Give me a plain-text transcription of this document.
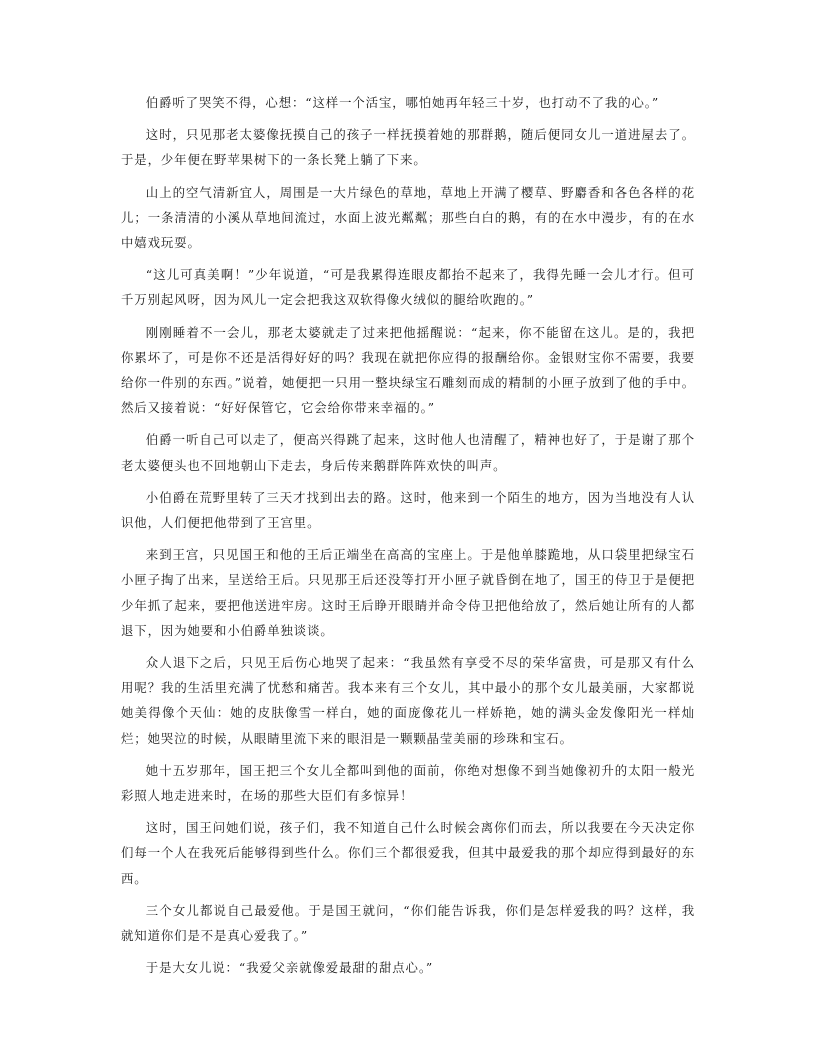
伯爵听了哭笑不得，心想：“这样一个活宝，哪怕她再年轻三十岁，也打动不了我的心。”

这时，只见那老太婆像抚摸自己的孩子一样抚摸着她的那群鹅，随后便同女儿一道进屋去了。于是，少年便在野苹果树下的一条长凳上躺了下来。

山上的空气清新宜人，周围是一大片绿色的草地，草地上开满了樱草、野麝香和各色各样的花儿；一条清清的小溪从草地间流过，水面上波光粼粼；那些白白的鹅，有的在水中漫步，有的在水中嬉戏玩耍。

“这儿可真美啊！”少年说道，“可是我累得连眼皮都抬不起来了，我得先睡一会儿才行。但可千万别起风呀，因为风儿一定会把我这双软得像火绒似的腿给吹跑的。”

刚刚睡着不一会儿，那老太婆就走了过来把他摇醒说：“起来，你不能留在这儿。是的，我把你累坏了，可是你不还是活得好好的吗？我现在就把你应得的报酬给你。金银财宝你不需要，我要给你一件别的东西。”说着，她便把一只用一整块绿宝石雕刻而成的精制的小匣子放到了他的手中。然后又接着说：“好好保管它，它会给你带来幸福的。”

伯爵一听自己可以走了，便高兴得跳了起来，这时他人也清醒了，精神也好了，于是谢了那个老太婆便头也不回地朝山下走去，身后传来鹅群阵阵欢快的叫声。

小伯爵在荒野里转了三天才找到出去的路。这时，他来到一个陌生的地方，因为当地没有人认识他，人们便把他带到了王宫里。

来到王宫，只见国王和他的王后正端坐在高高的宝座上。于是他单膝跪地，从口袋里把绿宝石小匣子掏了出来，呈送给王后。只见那王后还没等打开小匣子就昏倒在地了，国王的侍卫于是便把少年抓了起来，要把他送进牢房。这时王后睁开眼睛并命令侍卫把他给放了，然后她让所有的人都退下，因为她要和小伯爵单独谈谈。

众人退下之后，只见王后伤心地哭了起来：“我虽然有享受不尽的荣华富贵，可是那又有什么用呢？我的生活里充满了忧愁和痛苦。我本来有三个女儿，其中最小的那个女儿最美丽，大家都说她美得像个天仙：她的皮肤像雪一样白，她的面庞像花儿一样娇艳，她的满头金发像阳光一样灿烂；她哭泣的时候，从眼睛里流下来的眼泪是一颗颗晶莹美丽的珍珠和宝石。

她十五岁那年，国王把三个女儿全都叫到他的面前，你绝对想像不到当她像初升的太阳一般光彩照人地走进来时，在场的那些大臣们有多惊异！

这时，国王问她们说，孩子们，我不知道自己什么时候会离你们而去，所以我要在今天决定你们每一个人在我死后能够得到些什么。你们三个都很爱我，但其中最爱我的那个却应得到最好的东西。

三个女儿都说自己最爱他。于是国王就问，“你们能告诉我，你们是怎样爱我的吗？这样，我就知道你们是不是真心爱我了。”

于是大女儿说：“我爱父亲就像爱最甜的甜点心。”
